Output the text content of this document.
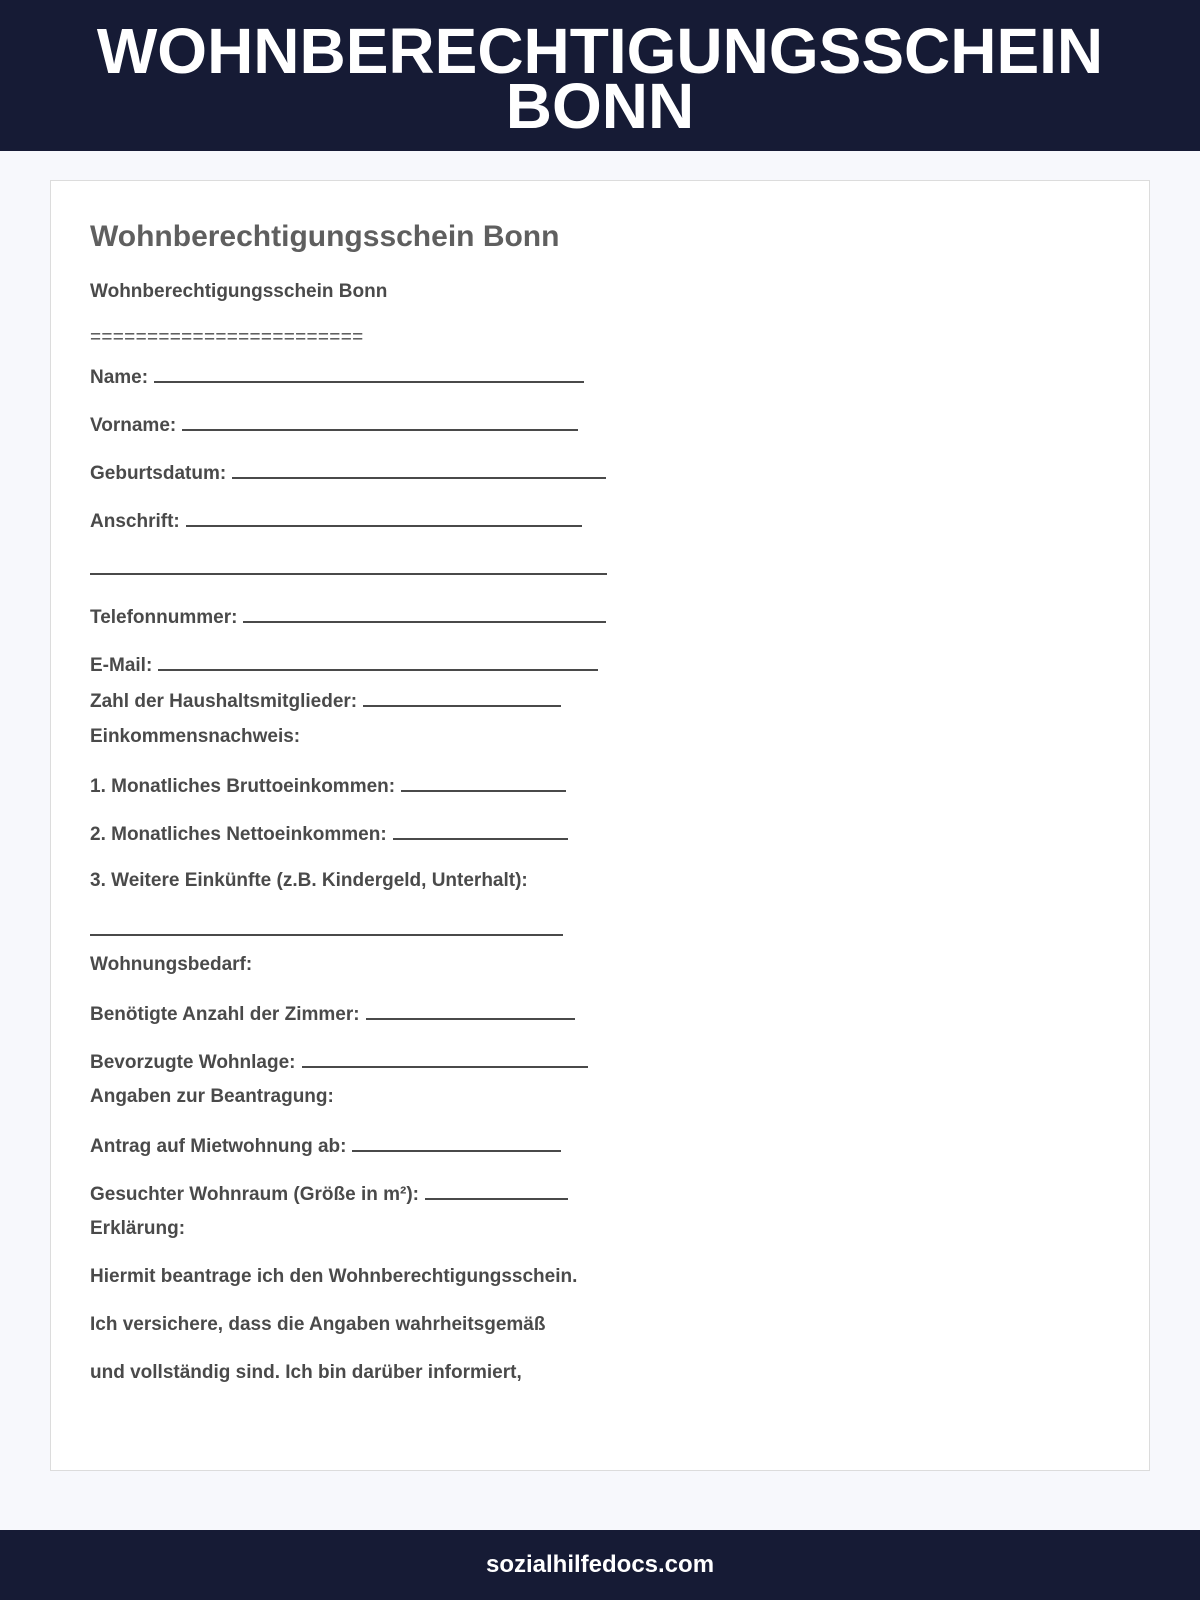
WOHNBERECHTIGUNGSSCHEIN
BONN
Wohnberechtigungsschein Bonn
Wohnberechtigungsschein Bonn
========================
Name:
Vorname:
Geburtsdatum:
Anschrift:
Telefonnummer:
E-Mail:
Zahl der Haushaltsmitglieder:
Einkommensnachweis:
1. Monatliches Bruttoeinkommen:
2. Monatliches Nettoeinkommen:
3. Weitere Einkünfte (z.B. Kindergeld, Unterhalt):
Wohnungsbedarf:
Benötigte Anzahl der Zimmer:
Bevorzugte Wohnlage:
Angaben zur Beantragung:
Antrag auf Mietwohnung ab:
Gesuchter Wohnraum (Größe in m²):
Erklärung:
Hiermit beantrage ich den Wohnberechtigungsschein.
Ich versichere, dass die Angaben wahrheitsgemäß
und vollständig sind. Ich bin darüber informiert,
sozialhilfedocs.com
